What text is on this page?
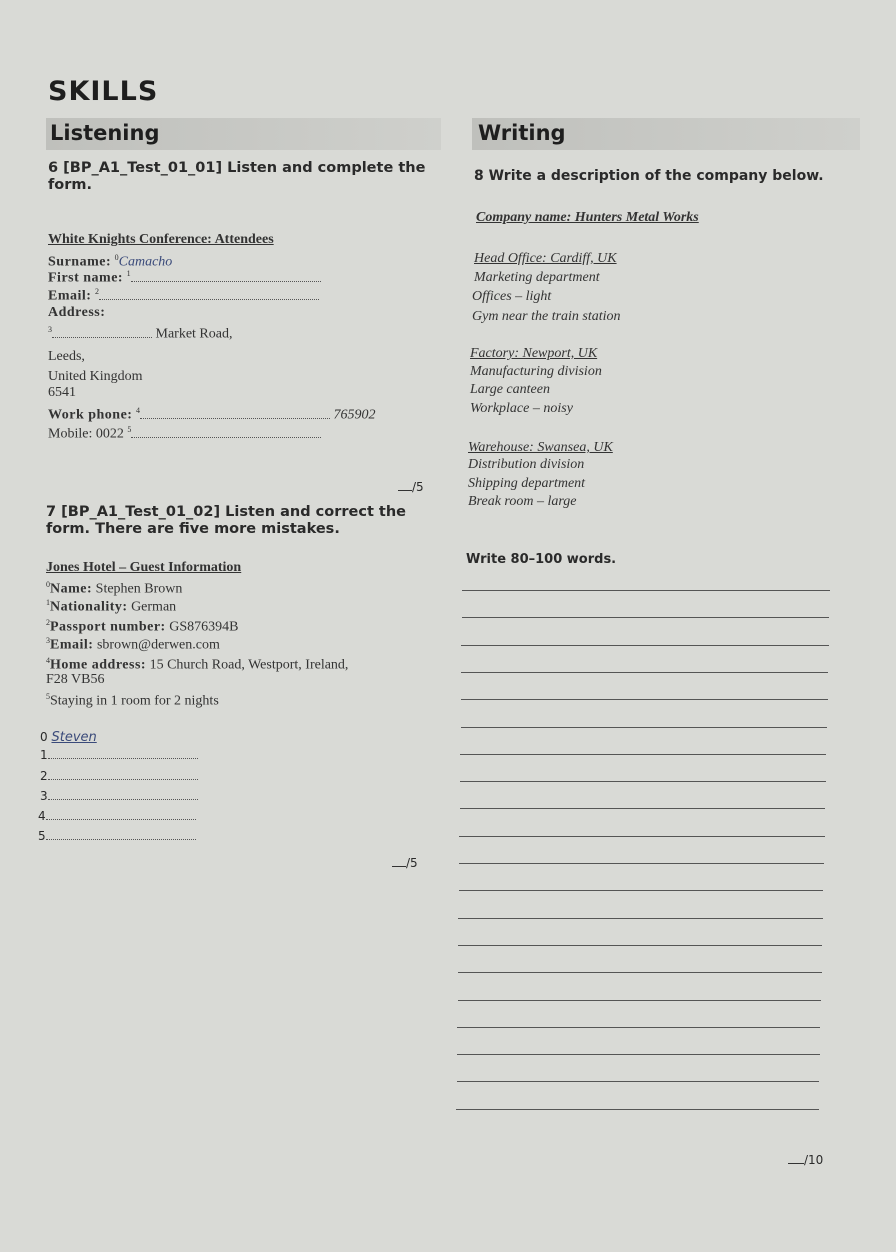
SKILLS
Listening	Writing
6 [BP_A1_Test_01_01] Listen and complete the form.
White Knights Conference: Attendees
Surname: $^0$Camacho
First name: $^1$
Email: $^2$
Address:
$^3$	Market Road,
Leeds,
United Kingdom
6541
Work phone: $^4$	765902
Mobile: 0022 $^5$
/5
7 [BP_A1_Test_01_02] Listen and correct the form. There are five more mistakes.
Jones Hotel – Guest Information
$^0$Name: Stephen Brown
$^1$Nationality: German
$^2$Passport number: GS876394B
$^3$Email: sbrown@derwen.com
$^4$Home address: 15 Church Road, Westport, Ireland,
F28 VB56
$^5$Staying in 1 room for 2 nights
0 Steven
1
2
3
4
5
/5
8 Write a description of the company below.
Company name: Hunters Metal Works
Head Office: Cardiff, UK
Marketing department
Offices – light
Gym near the train station
Factory: Newport, UK
Manufacturing division
Large canteen
Workplace – noisy
Warehouse: Swansea, UK
Distribution division
Shipping department
Break room – large
Write 80–100 words.
/10
